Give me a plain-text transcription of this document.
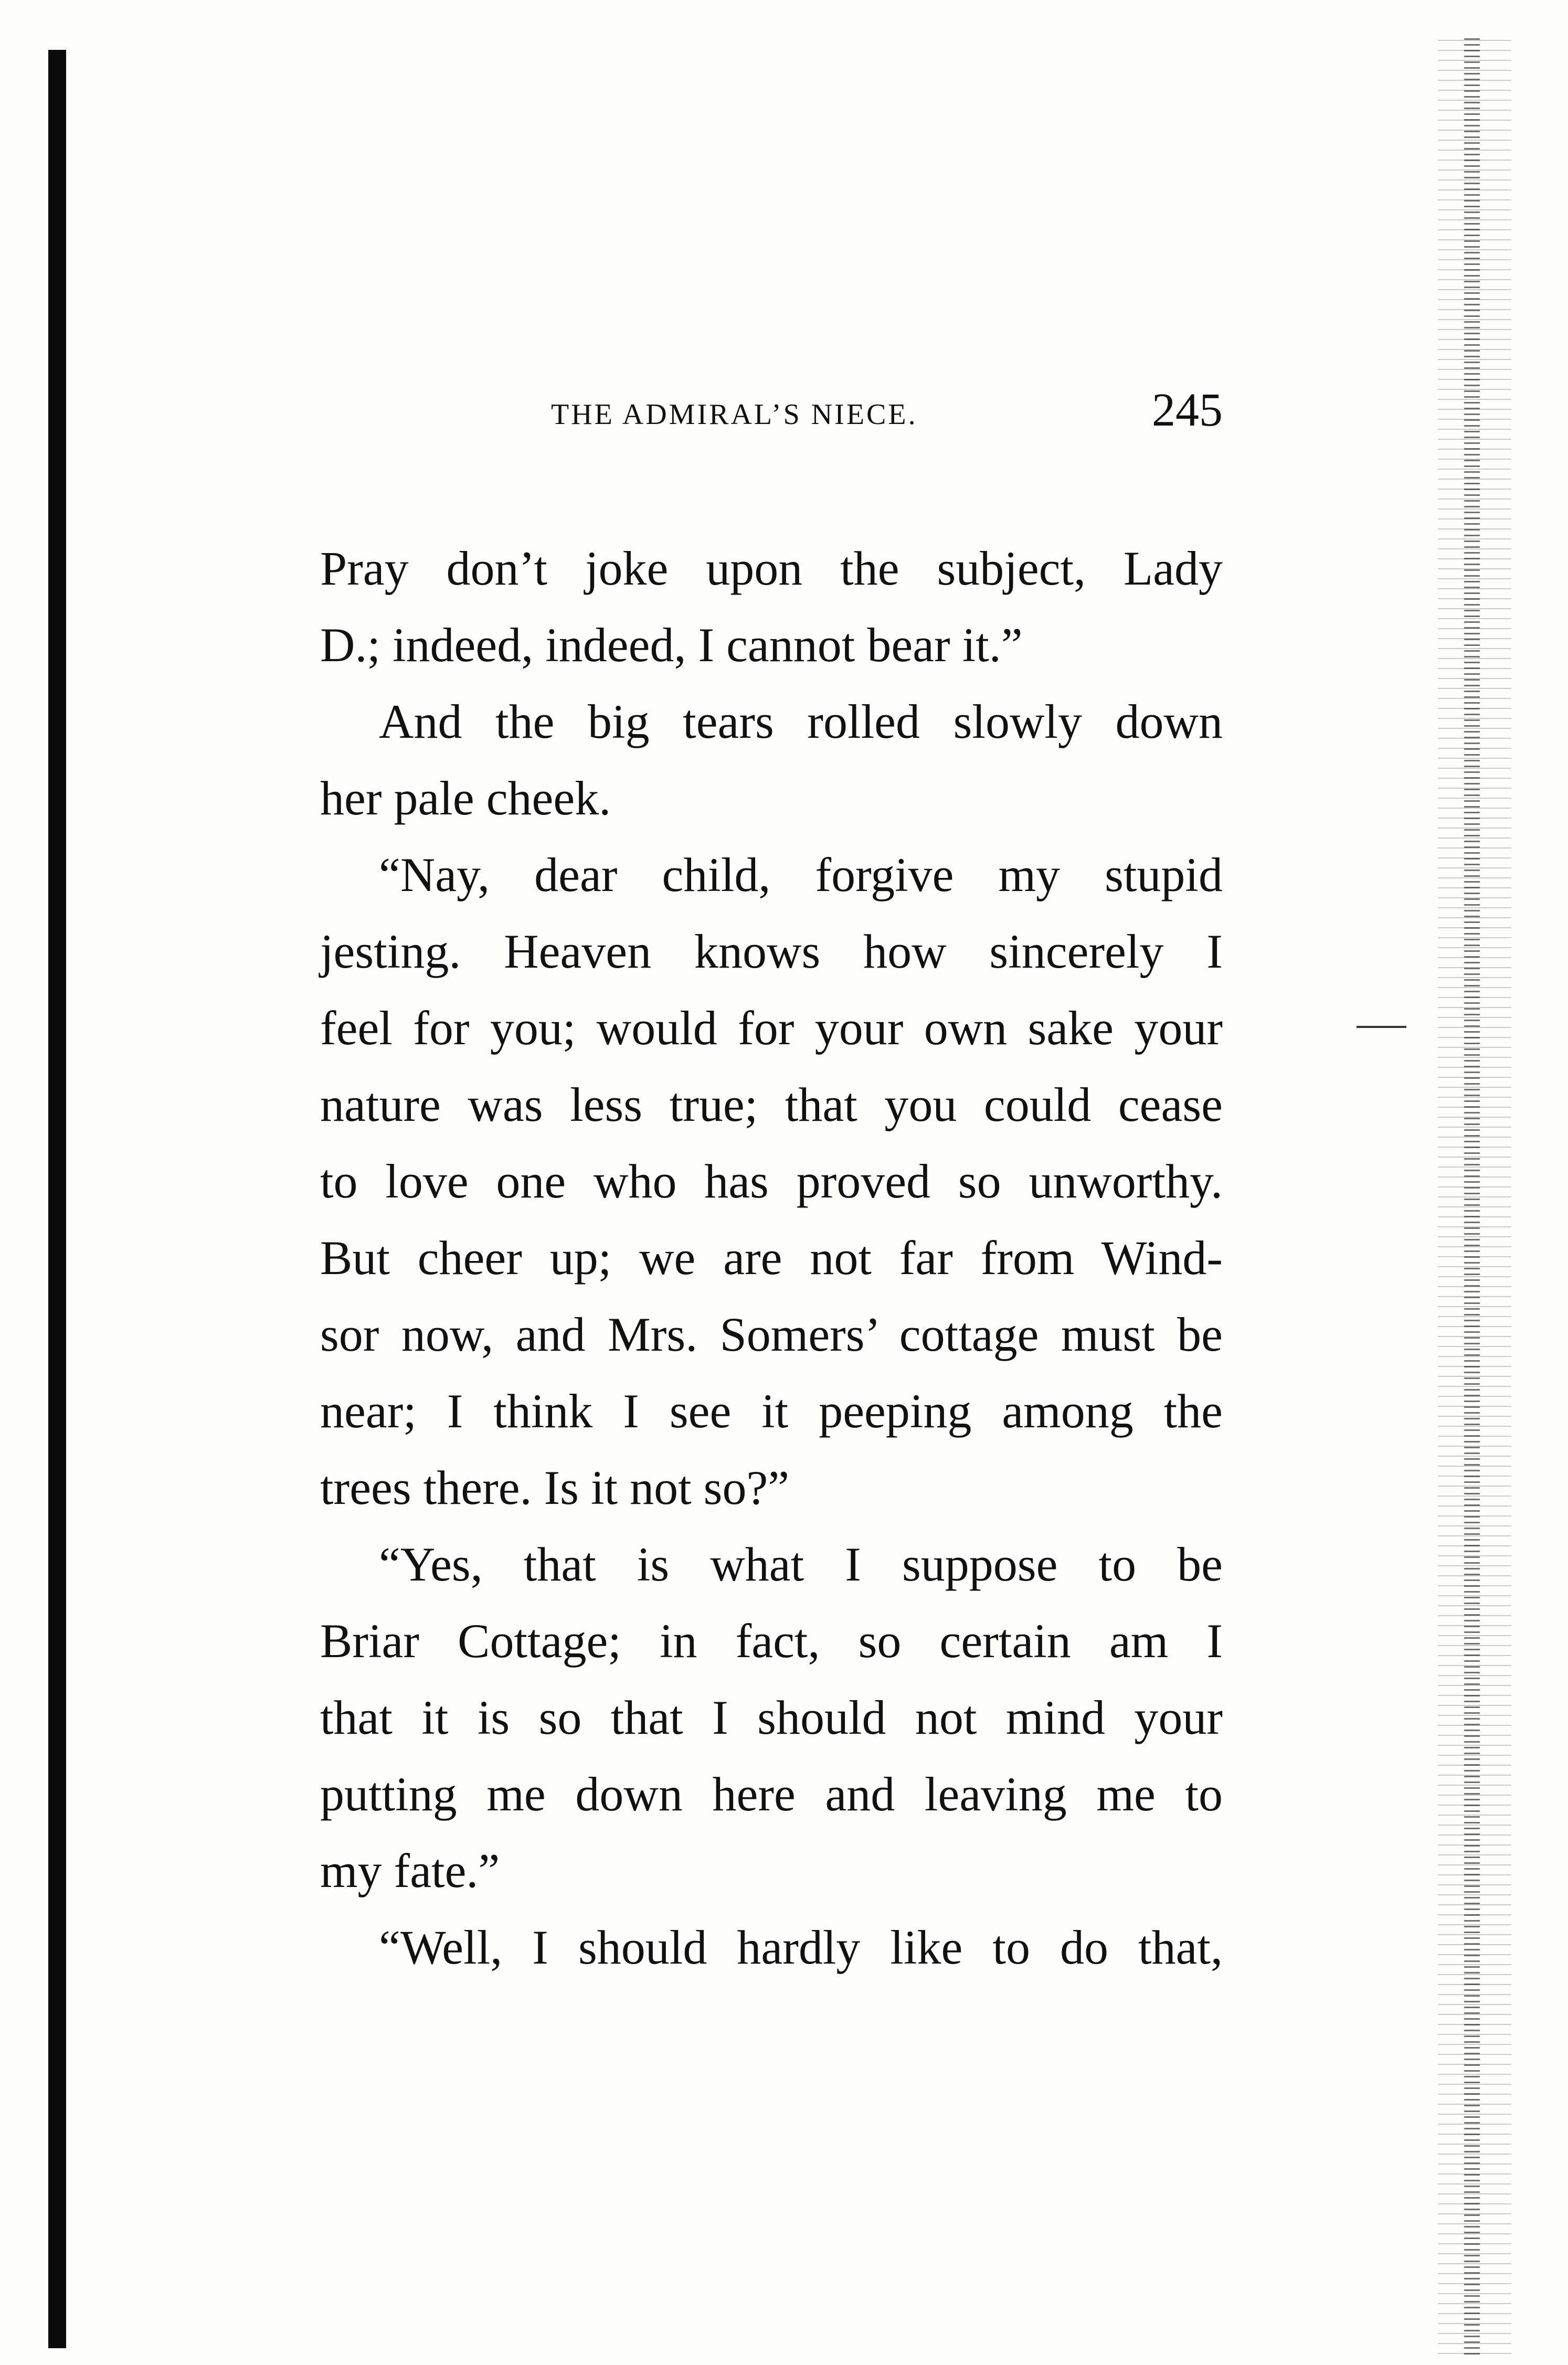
THE ADMIRAL’S NIECE.	245

Pray don’t joke upon the subject, Lady
D.; indeed, indeed, I cannot bear it.”

And the big tears rolled slowly down
her pale cheek.

“Nay, dear child, forgive my stupid
jesting. Heaven knows how sincerely I
feel for you; would for your own sake your
nature was less true; that you could cease
to love one who has proved so unworthy.
But cheer up; we are not far from Wind-
sor now, and Mrs. Somers’ cottage must be
near; I think I see it peeping among the
trees there. Is it not so?”

“Yes, that is what I suppose to be
Briar Cottage; in fact, so certain am I
that it is so that I should not mind your
putting me down here and leaving me to
my fate.”

“Well, I should hardly like to do that,
